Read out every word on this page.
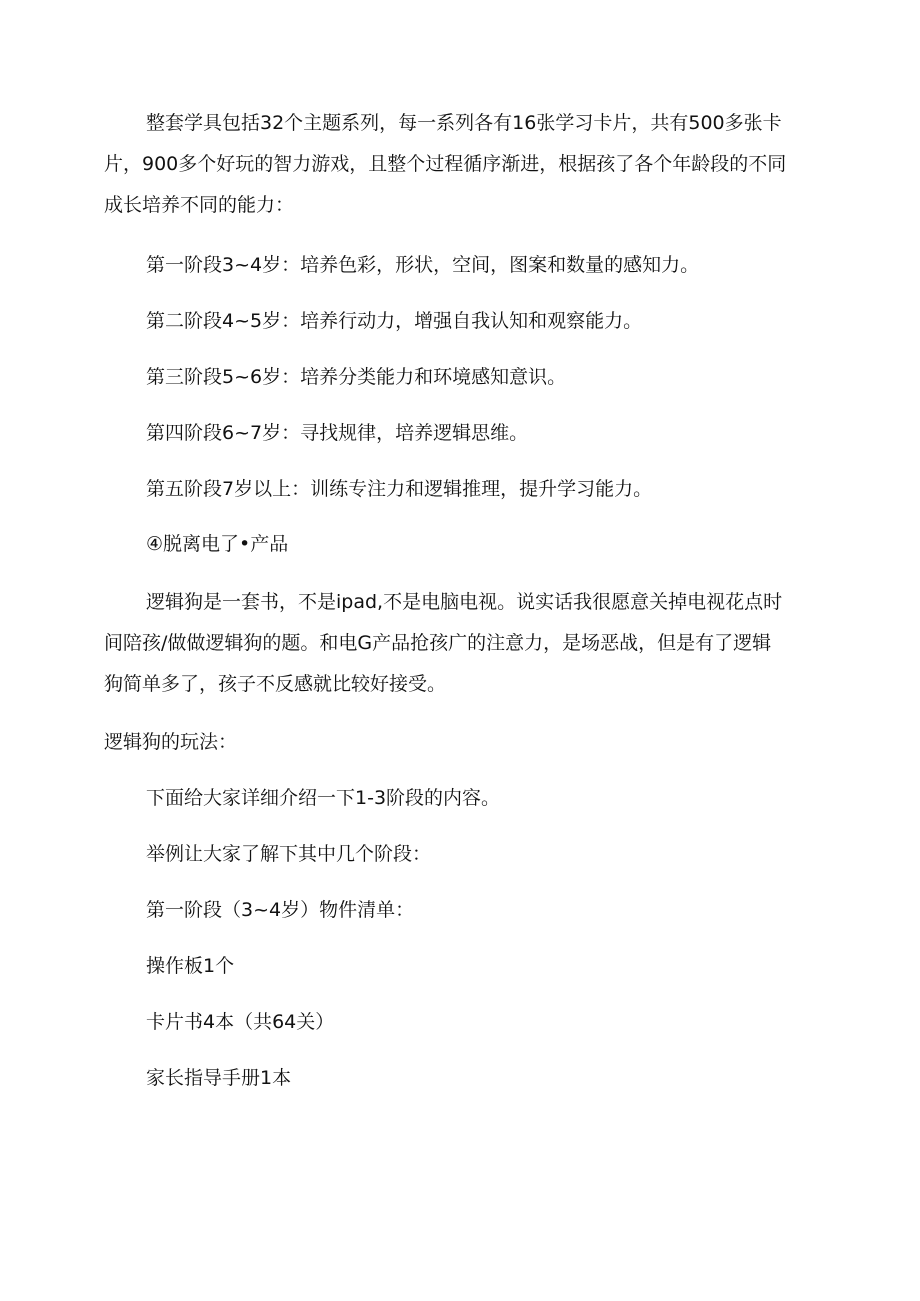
整套学具包括32个主题系列，每一系列各有16张学习卡片，共有500多张卡
片，900多个好玩的智力游戏，且整个过程循序渐进，根据孩了各个年龄段的不同
成长培养不同的能力：
第一阶段3~4岁：培养色彩，形状，空间，图案和数量的感知力。
第二阶段4~5岁：培养行动力，增强自我认知和观察能力。
第三阶段5~6岁：培养分类能力和环境感知意识。
第四阶段6~7岁：寻找规律，培养逻辑思维。
第五阶段7岁以上：训练专注力和逻辑推理，提升学习能力。
④脱离电了•产品
逻辑狗是一套书，不是ipad,不是电脑电视。说实话我很愿意关掉电视花点时
间陪孩/做做逻辑狗的题。和电G产品抢孩广的注意力，是场恶战，但是有了逻辑
狗简单多了，孩子不反感就比较好接受。
逻辑狗的玩法：
下面给大家详细介绍一下1-3阶段的内容。
举例让大家了解下其中几个阶段：
第一阶段（3~4岁）物件清单：
操作板1个
卡片书4本（共64关）
家长指导手册1本
